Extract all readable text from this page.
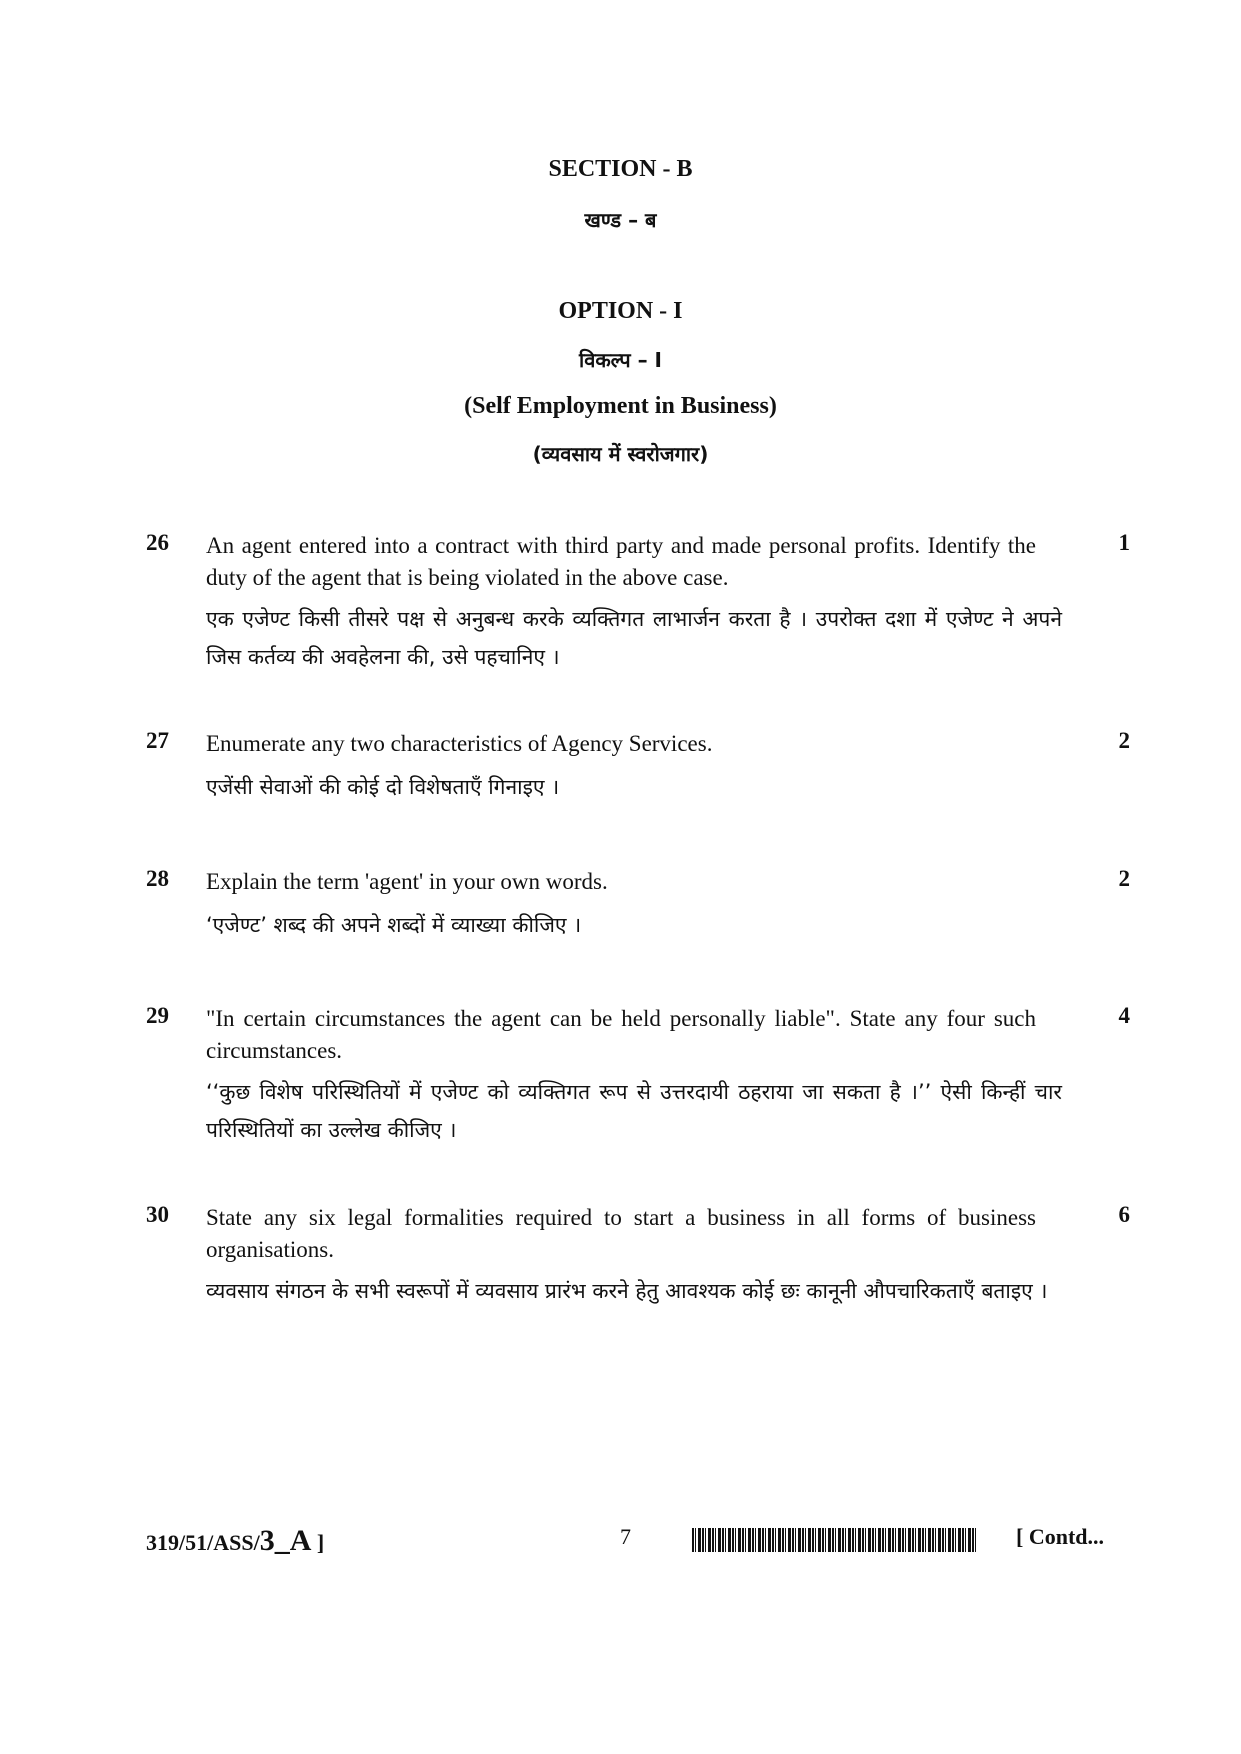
SECTION - B
खण्ड – ब
OPTION - I
विकल्प – I
(Self Employment in Business)
(व्यवसाय में स्वरोजगार)
26 An agent entered into a contract with third party and made personal profits. Identify the duty of the agent that is being violated in the above case.
1
एक एजेण्ट किसी तीसरे पक्ष से अनुबन्ध करके व्यक्तिगत लाभार्जन करता है । उपरोक्त दशा में एजेण्ट ने अपने जिस कर्तव्य की अवहेलना की, उसे पहचानिए ।
27 Enumerate any two characteristics of Agency Services.	2
एजेंसी सेवाओं की कोई दो विशेषताएँ गिनाइए ।
28 Explain the term 'agent' in your own words.	2
‘एजेण्ट’ शब्द की अपने शब्दों में व्याख्या कीजिए ।
29 "In certain circumstances the agent can be held personally liable". State any four such circumstances.
4
‘‘कुछ विशेष परिस्थितियों में एजेण्ट को व्यक्तिगत रूप से उत्तरदायी ठहराया जा सकता है ।’’ ऐसी किन्हीं चार परिस्थितियों का उल्लेख कीजिए ।
30 State any six legal formalities required to start a business in all forms of business organisations.
6
व्यवसाय संगठन के सभी स्वरूपों में व्यवसाय प्रारंभ करने हेतु आवश्यक कोई छः कानूनी औपचारिकताएँ बताइए ।
319/51/ASS/3_A ]	7	[ Contd...
